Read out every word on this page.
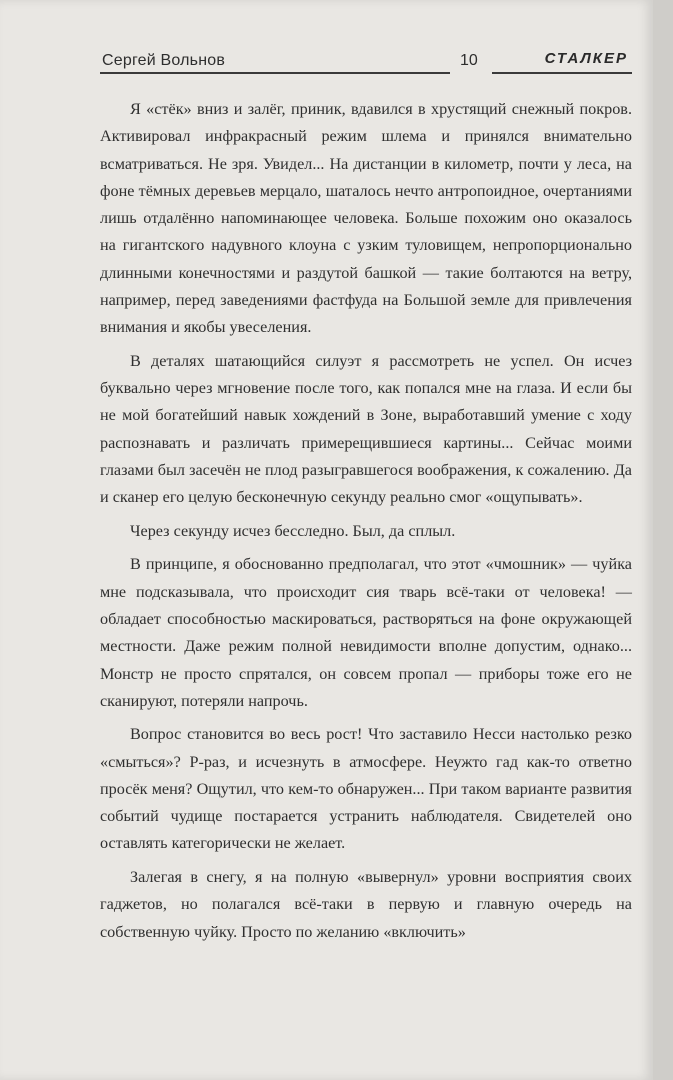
Сергей Вольнов	10	СТАЛКЕР

Я «стёк» вниз и залёг, приник, вдавился в хрустящий снежный покров. Активировал инфракрасный режим шлема и принялся внимательно всматриваться. Не зря. Увидел... На дистанции в километр, почти у леса, на фоне тёмных деревьев мерцало, шаталось нечто антропоидное, очертаниями лишь отдалённо напоминающее человека. Больше похожим оно оказалось на гигантского надувного клоуна с узким туловищем, непропорционально длинными конечностями и раздутой башкой — такие болтаются на ветру, например, перед заведениями фастфуда на Большой земле для привлечения внимания и якобы увеселения.

В деталях шатающийся силуэт я рассмотреть не успел. Он исчез буквально через мгновение после того, как попался мне на глаза. И если бы не мой богатейший навык хождений в Зоне, выработавший умение с ходу распознавать и различать примерещившиеся картины... Сейчас моими глазами был засечён не плод разыгравшегося воображения, к сожалению. Да и сканер его целую бесконечную секунду реально смог «ощупывать».

Через секунду исчез бесследно. Был, да сплыл.

В принципе, я обоснованно предполагал, что этот «чмошник» — чуйка мне подсказывала, что происходит сия тварь всё-таки от человека! — обладает способностью маскироваться, растворяться на фоне окружающей местности. Даже режим полной невидимости вполне допустим, однако... Монстр не просто спрятался, он совсем пропал — приборы тоже его не сканируют, потеряли напрочь.

Вопрос становится во весь рост! Что заставило Несси настолько резко «смыться»? Р-раз, и исчезнуть в атмосфере. Неужто гад как-то ответно просёк меня? Ощутил, что кем-то обнаружен... При таком варианте развития событий чудище постарается устранить наблюдателя. Свидетелей оно оставлять категорически не желает.

Залегая в снегу, я на полную «вывернул» уровни восприятия своих гаджетов, но полагался всё-таки в первую и главную очередь на собственную чуйку. Просто по желанию «включить»
